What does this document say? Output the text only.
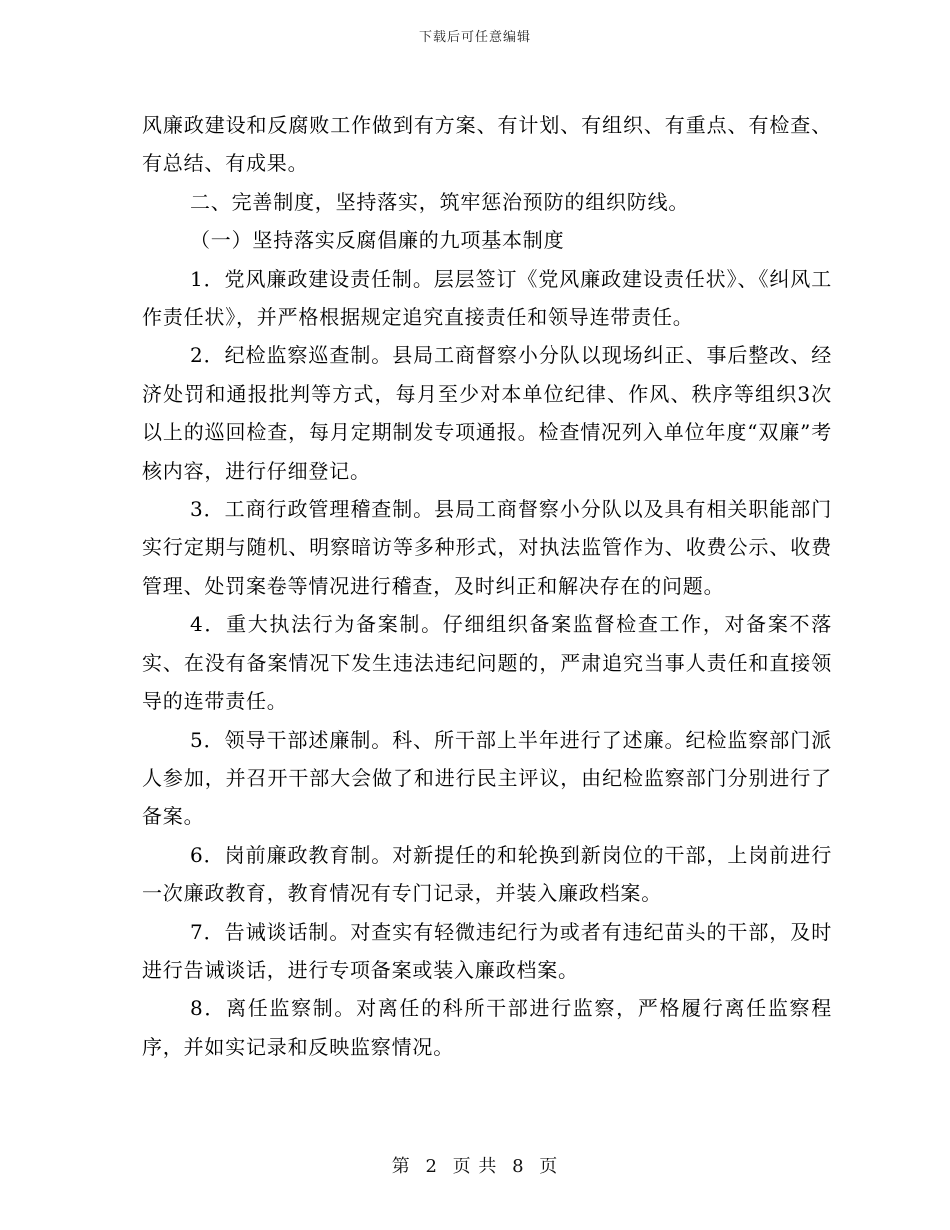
下载后可任意编辑

风廉政建设和反腐败工作做到有方案、有计划、有组织、有重点、有检查、有总结、有成果。

二、完善制度，坚持落实，筑牢惩治预防的组织防线。

（一）坚持落实反腐倡廉的九项基本制度

1．党风廉政建设责任制。层层签订《党风廉政建设责任状》、《纠风工作责任状》，并严格根据规定追究直接责任和领导连带责任。

2．纪检监察巡查制。县局工商督察小分队以现场纠正、事后整改、经济处罚和通报批判等方式，每月至少对本单位纪律、作风、秩序等组织3次以上的巡回检查，每月定期制发专项通报。检查情况列入单位年度“双廉”考核内容，进行仔细登记。

3．工商行政管理稽查制。县局工商督察小分队以及具有相关职能部门实行定期与随机、明察暗访等多种形式，对执法监管作为、收费公示、收费管理、处罚案卷等情况进行稽查，及时纠正和解决存在的问题。

4．重大执法行为备案制。仔细组织备案监督检查工作，对备案不落实、在没有备案情况下发生违法违纪问题的，严肃追究当事人责任和直接领导的连带责任。

5．领导干部述廉制。科、所干部上半年进行了述廉。纪检监察部门派人参加，并召开干部大会做了和进行民主评议，由纪检监察部门分别进行了备案。

6．岗前廉政教育制。对新提任的和轮换到新岗位的干部，上岗前进行一次廉政教育，教育情况有专门记录，并装入廉政档案。

7．告诫谈话制。对查实有轻微违纪行为或者有违纪苗头的干部，及时进行告诫谈话，进行专项备案或装入廉政档案。

8．离任监察制。对离任的科所干部进行监察，严格履行离任监察程序，并如实记录和反映监察情况。

第 2 页 共 8 页
